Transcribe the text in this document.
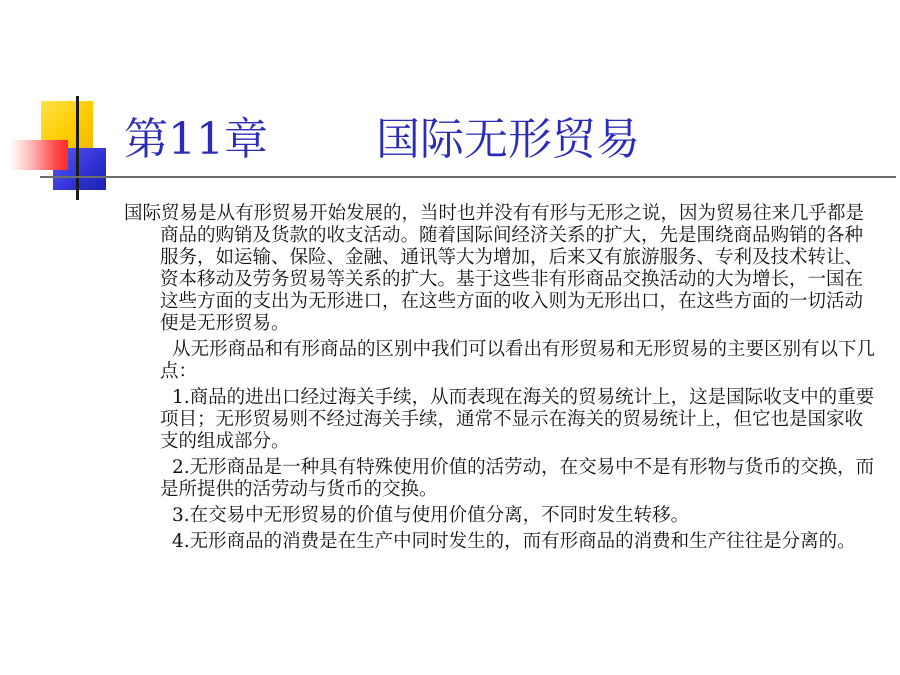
第11章 国际无形贸易

国际贸易是从有形贸易开始发展的，当时也并没有有形与无形之说，因为贸易往来几乎都是商品的购销及货款的收支活动。随着国际间经济关系的扩大，先是围绕商品购销的各种服务，如运输、保险、金融、通讯等大为增加，后来又有旅游服务、专利及技术转让、资本移动及劳务贸易等关系的扩大。基于这些非有形商品交换活动的大为增长，一国在这些方面的支出为无形进口，在这些方面的收入则为无形出口，在这些方面的一切活动便是无形贸易。

从无形商品和有形商品的区别中我们可以看出有形贸易和无形贸易的主要区别有以下几点：

1.商品的进出口经过海关手续，从而表现在海关的贸易统计上，这是国际收支中的重要项目；无形贸易则不经过海关手续，通常不显示在海关的贸易统计上，但它也是国家收支的组成部分。

2.无形商品是一种具有特殊使用价值的活劳动，在交易中不是有形物与货币的交换，而是所提供的活劳动与货币的交换。

3.在交易中无形贸易的价值与使用价值分离，不同时发生转移。

4.无形商品的消费是在生产中同时发生的，而有形商品的消费和生产往往是分离的。
